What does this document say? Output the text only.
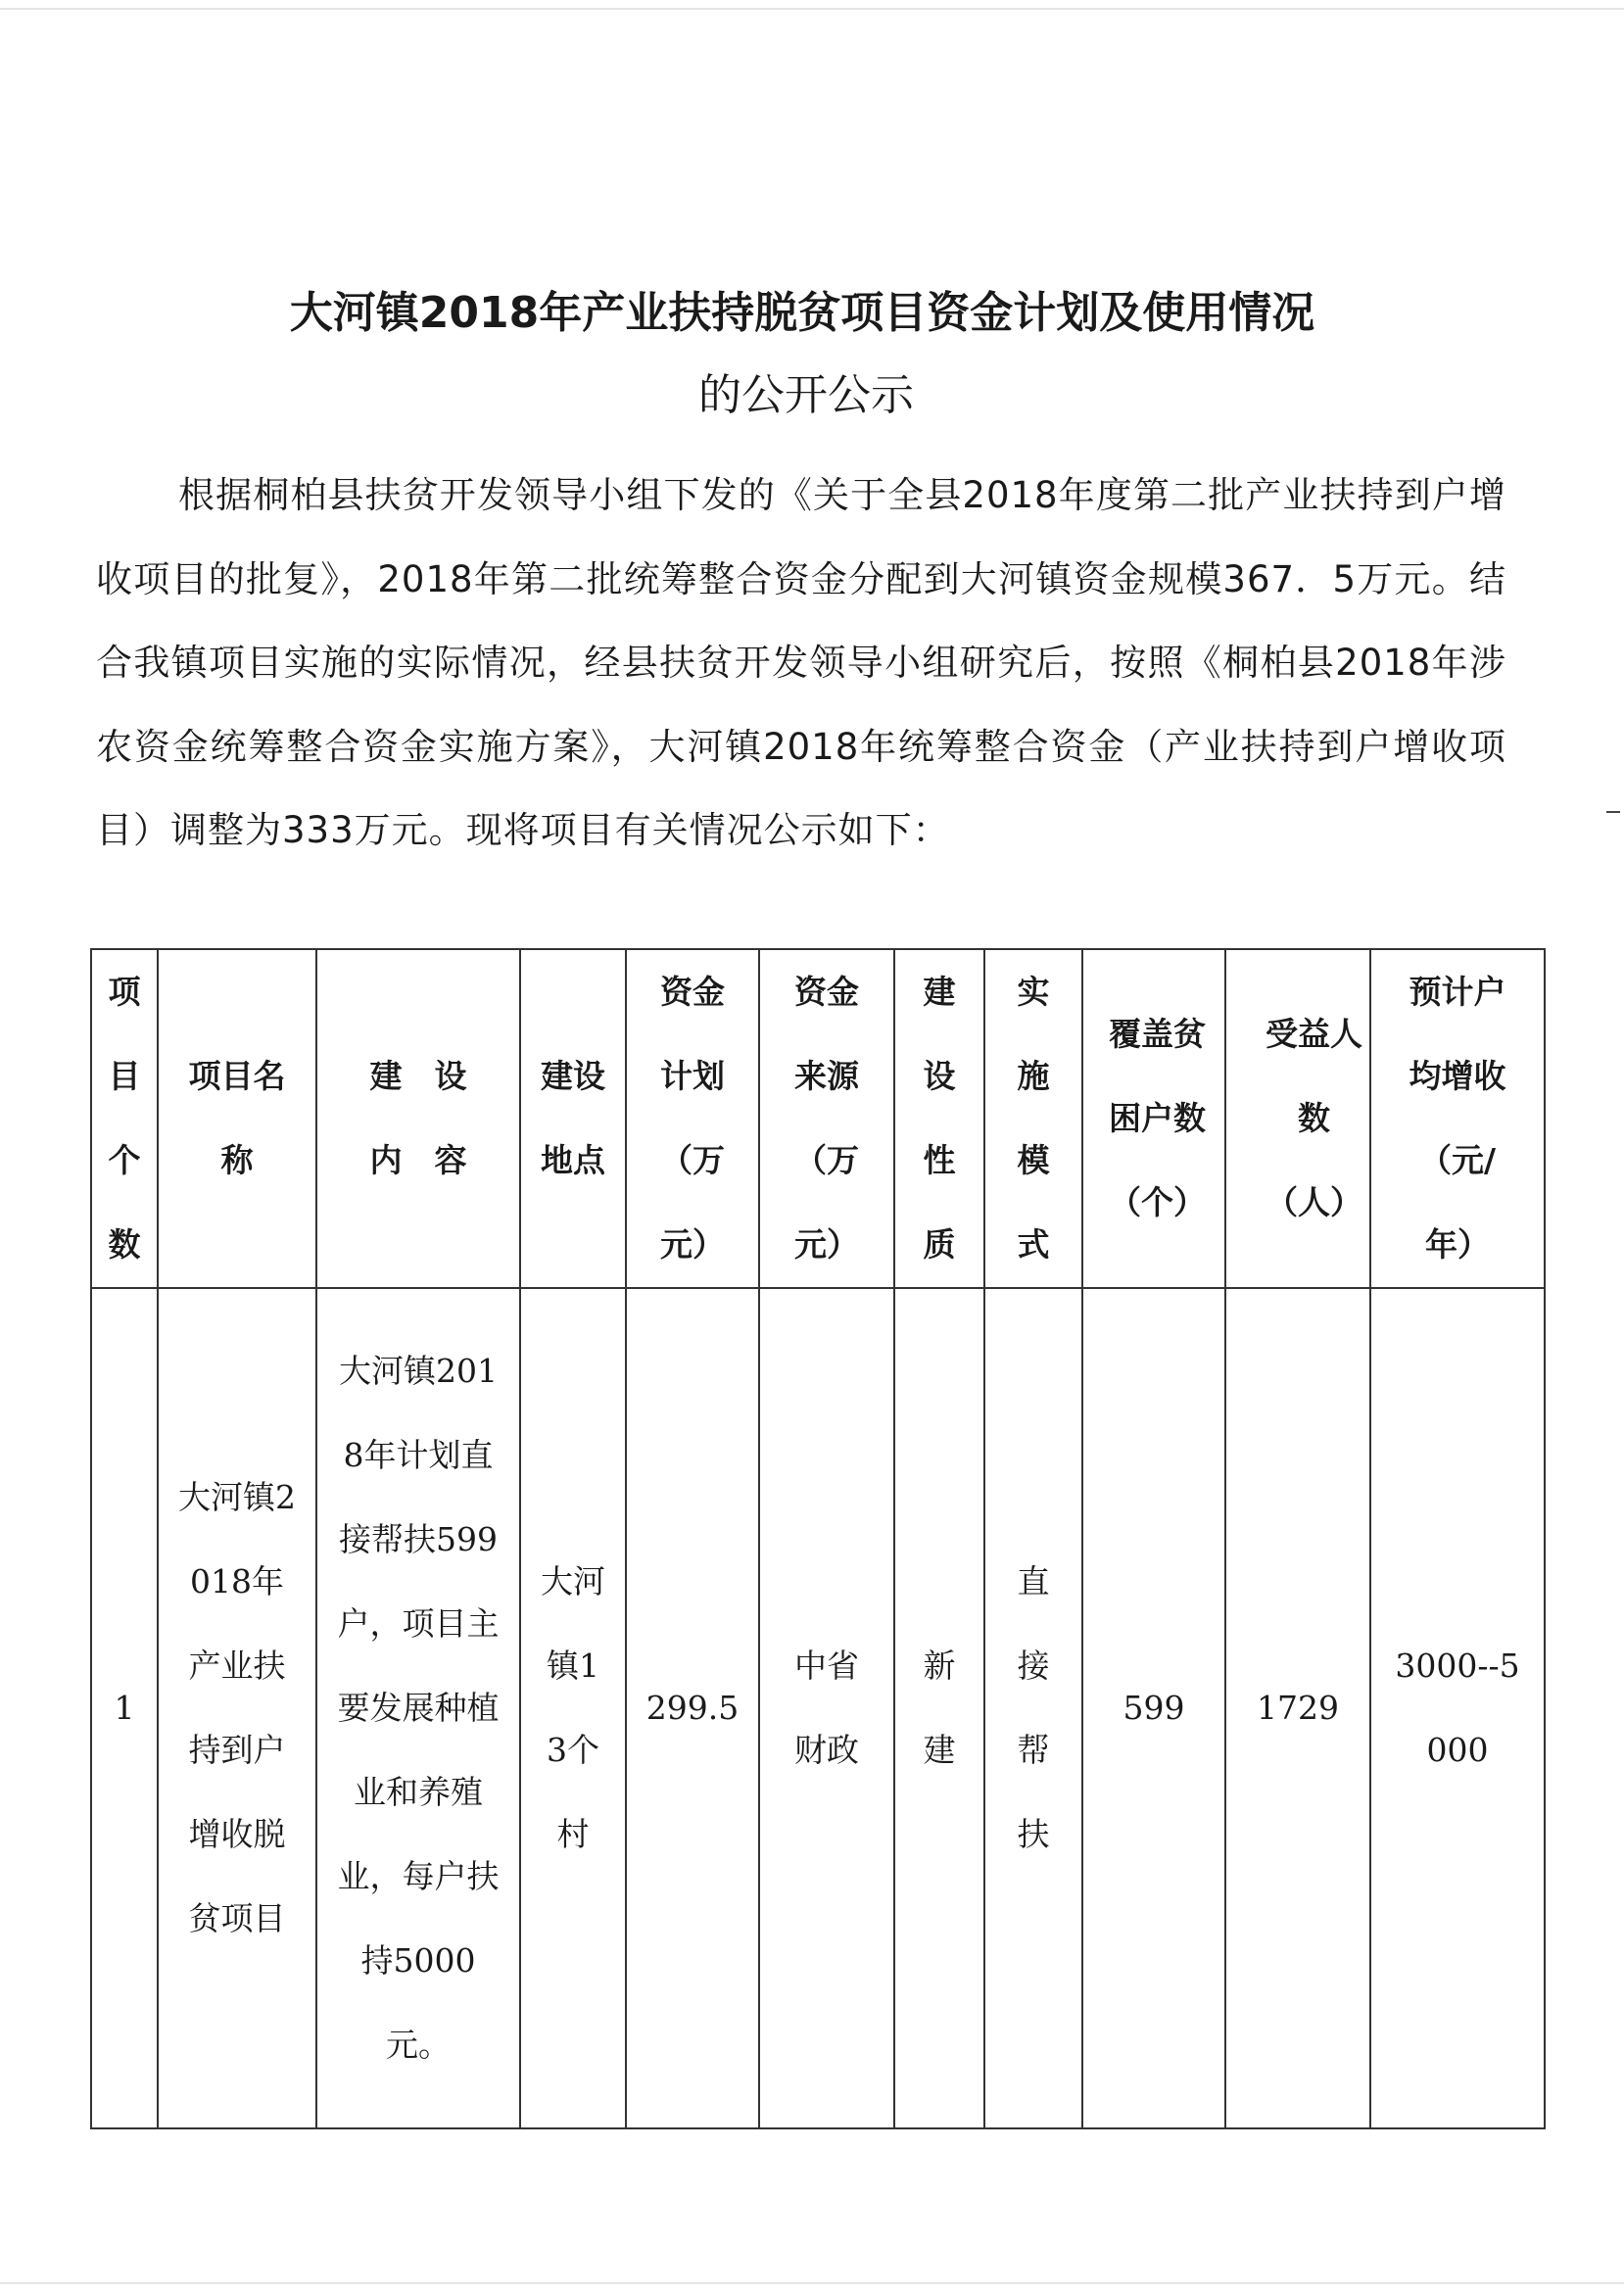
大河镇2018年产业扶持脱贫项目资金计划及使用情况
的公开公示
根据桐柏县扶贫开发领导小组下发的《关于全县2018年度第二批产业扶持到户增收项目的批复》，2018年第二批统筹整合资金分配到大河镇资金规模367．5万元。结合我镇项目实施的实际情况，经县扶贫开发领导小组研究后，按照《桐柏县2018年涉农资金统筹整合资金实施方案》，大河镇2018年统筹整合资金（产业扶持到户增收项目）调整为333万元。现将项目有关情况公示如下：
项目个数	项目名称	建　设 内　容	建设地点	资金计划（万元）	资金来源（万元）	建设性质	实施模式	覆盖贫困户数（个）	受益人数（人）	预计户均增收（元/年）
1	大河镇2018年产业扶持到户增收脱贫项目	大河镇2018年计划直接帮扶599户，项目主要发展种植业和养殖业，每户扶持5000元。	大河镇13个村	299.5	中省财政	新建	直接帮扶	599	1729	3000--5000
